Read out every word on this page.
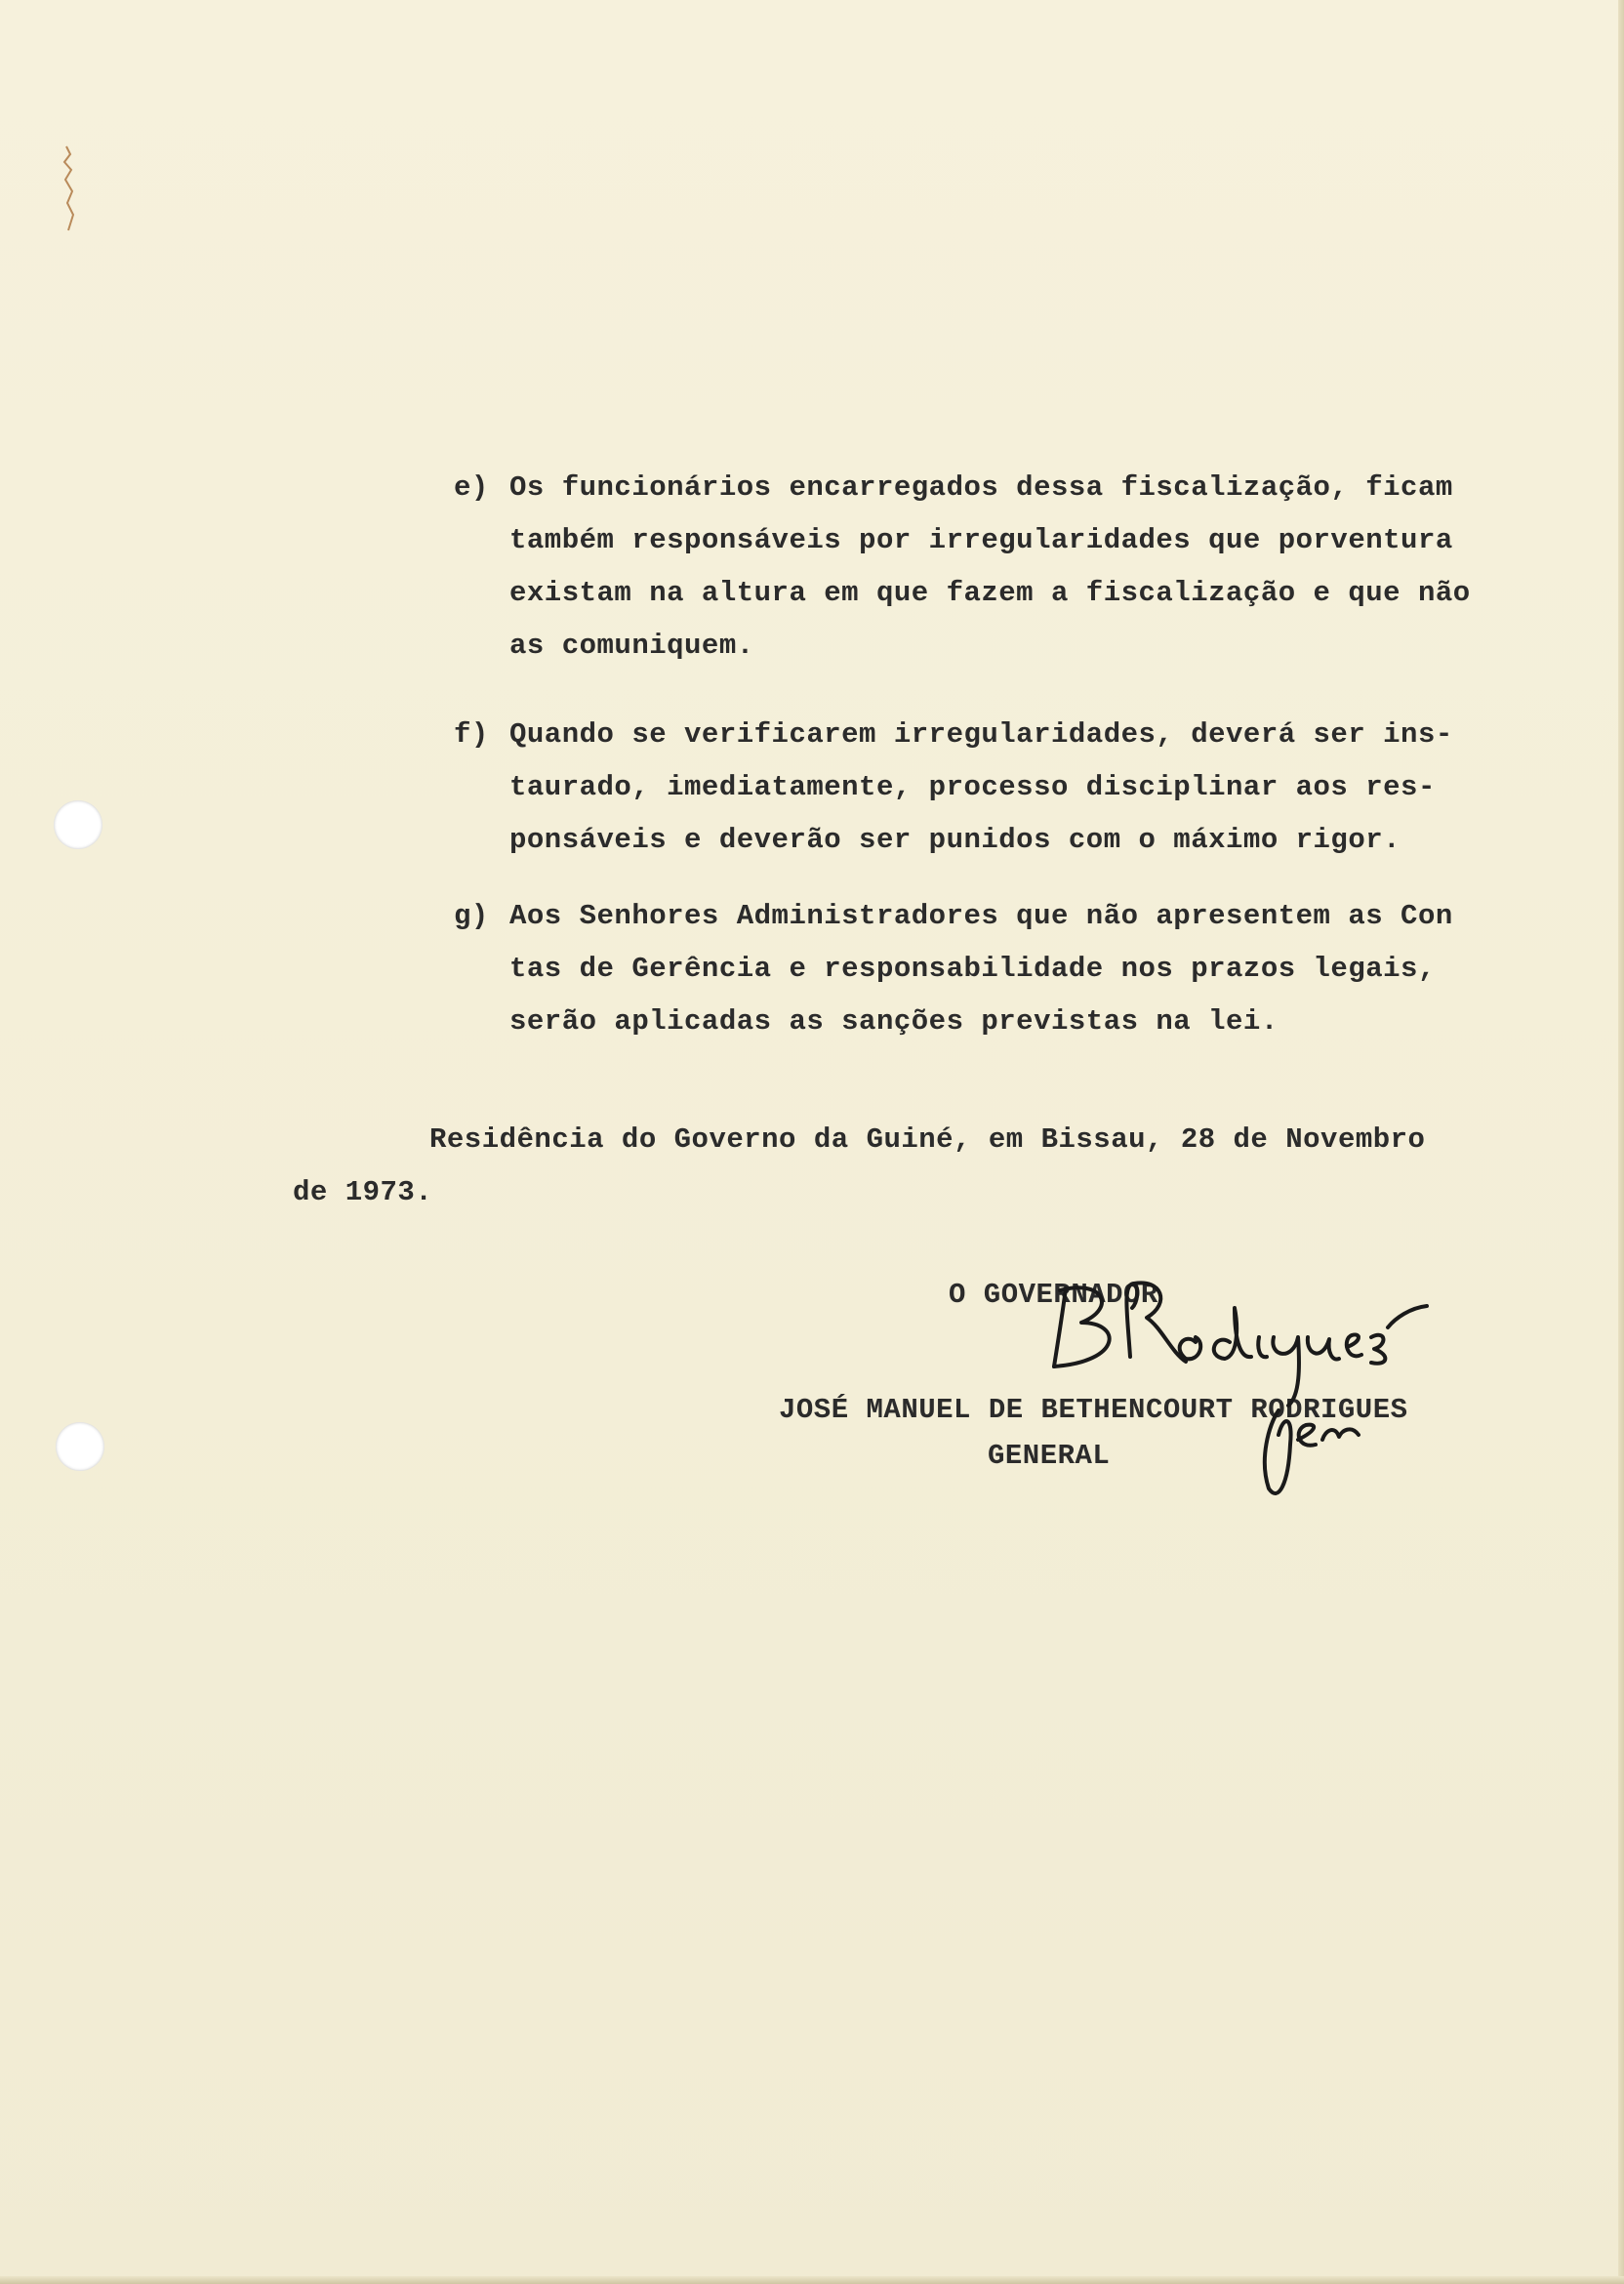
e) Os funcionários encarregados dessa fiscalização, ficam
também responsáveis por irregularidades que porventura
existam na altura em que fazem a fiscalização e que não
as comuniquem.
f) Quando se verificarem irregularidades, deverá ser ins-
taurado, imediatamente, processo disciplinar aos res-
ponsáveis e deverão ser punidos com o máximo rigor.
g) Aos Senhores Administradores que não apresentem as Con
tas de Gerência e responsabilidade nos prazos legais,
serão aplicadas as sanções previstas na lei.
Residência do Governo da Guiné, em Bissau, 28 de Novembro
de 1973.
O GOVERNADOR
JOSÉ MANUEL DE BETHENCOURT RODRIGUES
GENERAL
